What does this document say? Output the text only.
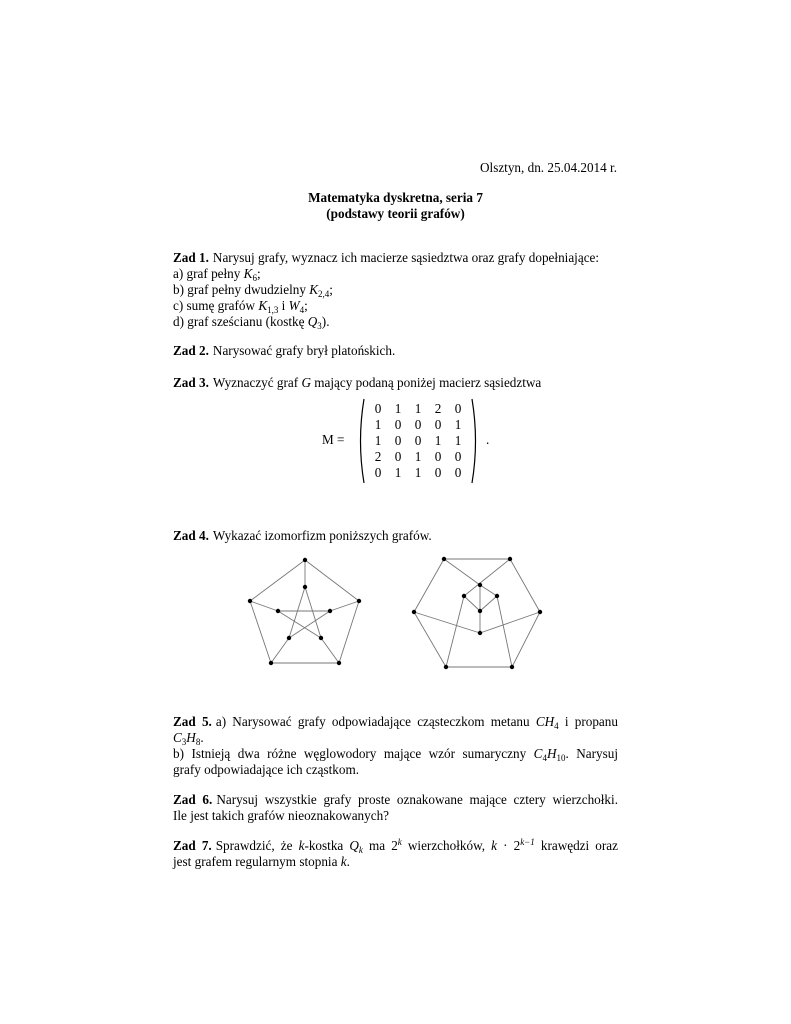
Olsztyn, dn. 25.04.2014 r.
Matematyka dyskretna, seria 7
(podstawy teorii grafów)
Zad 1. Narysuj grafy, wyznacz ich macierze sąsiedztwa oraz grafy dopełniające:
a) graf pełny $K_6$;
b) graf pełny dwudzielny $K_{2,4}$;
c) sumę grafów $K_{1,3}$ i $W_4$;
d) graf sześcianu (kostkę $Q_3$).
Zad 2. Narysować grafy brył platońskich.
Zad 3. Wyznaczyć graf G mający podaną poniżej macierz sąsiedztwa
M =
0	1	1	2	0
1	0	0	0	1
1	0	0	1	1
2	0	1	0	0
0	1	1	0	0
.
Zad 4. Wykazać izomorfizm poniższych grafów.
Zad 5. a) Narysować grafy odpowiadające cząsteczkom metanu $CH_4$ i propanu
$C_3H_8$.
b) Istnieją dwa różne węglowodory mające wzór sumaryczny $C_4H_{10}$. Narysuj
grafy odpowiadające ich cząstkom.
Zad 6. Narysuj wszystkie grafy proste oznakowane mające cztery wierzchołki.
Ile jest takich grafów nieoznakowanych?
Zad 7. Sprawdzić, że k-kostka $Q_k$ ma 2$^k$ wierzchołków, $k \cdot 2^{k-1}$ krawędzi oraz
jest grafem regularnym stopnia k.
